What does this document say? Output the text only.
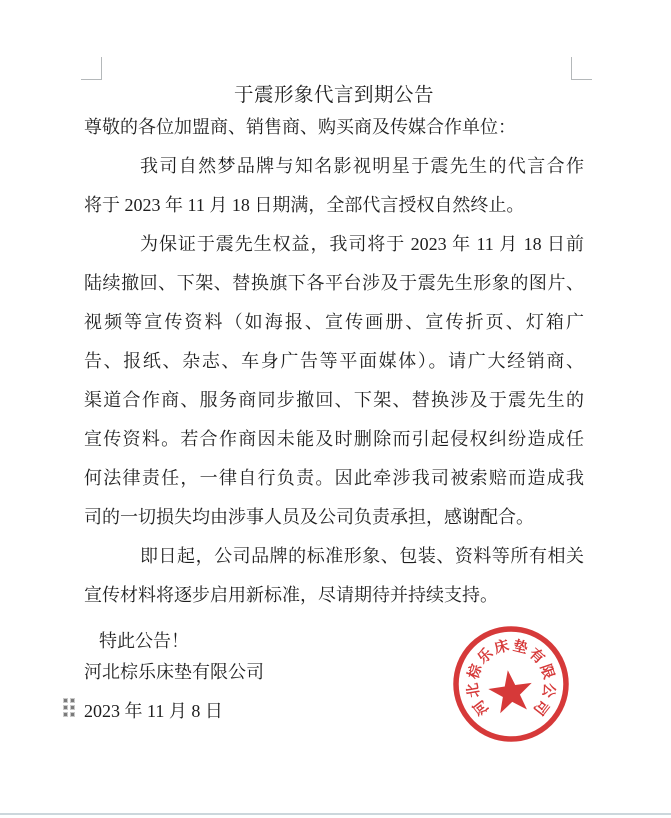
于震形象代言到期公告
尊敬的各位加盟商、销售商、购买商及传媒合作单位：
我司自然梦品牌与知名影视明星于震先生的代言合作
将于 2023 年 11 月 18 日期满，全部代言授权自然终止。
为保证于震先生权益，我司将于 2023 年 11 月 18 日前
陆续撤回、下架、替换旗下各平台涉及于震先生形象的图片、
视频等宣传资料（如海报、宣传画册、宣传折页、灯箱广
告、报纸、杂志、车身广告等平面媒体）。请广大经销商、
渠道合作商、服务商同步撤回、下架、替换涉及于震先生的
宣传资料。若合作商因未能及时删除而引起侵权纠纷造成任
何法律责任，一律自行负责。因此牵涉我司被索赔而造成我
司的一切损失均由涉事人员及公司负责承担，感谢配合。
即日起，公司品牌的标准形象、包装、资料等所有相关
宣传材料将逐步启用新标准，尽请期待并持续支持。
特此公告！
河北棕乐床垫有限公司
2023 年 11 月 8 日	河
北
棕
乐
床 垫
有
限
公
司
